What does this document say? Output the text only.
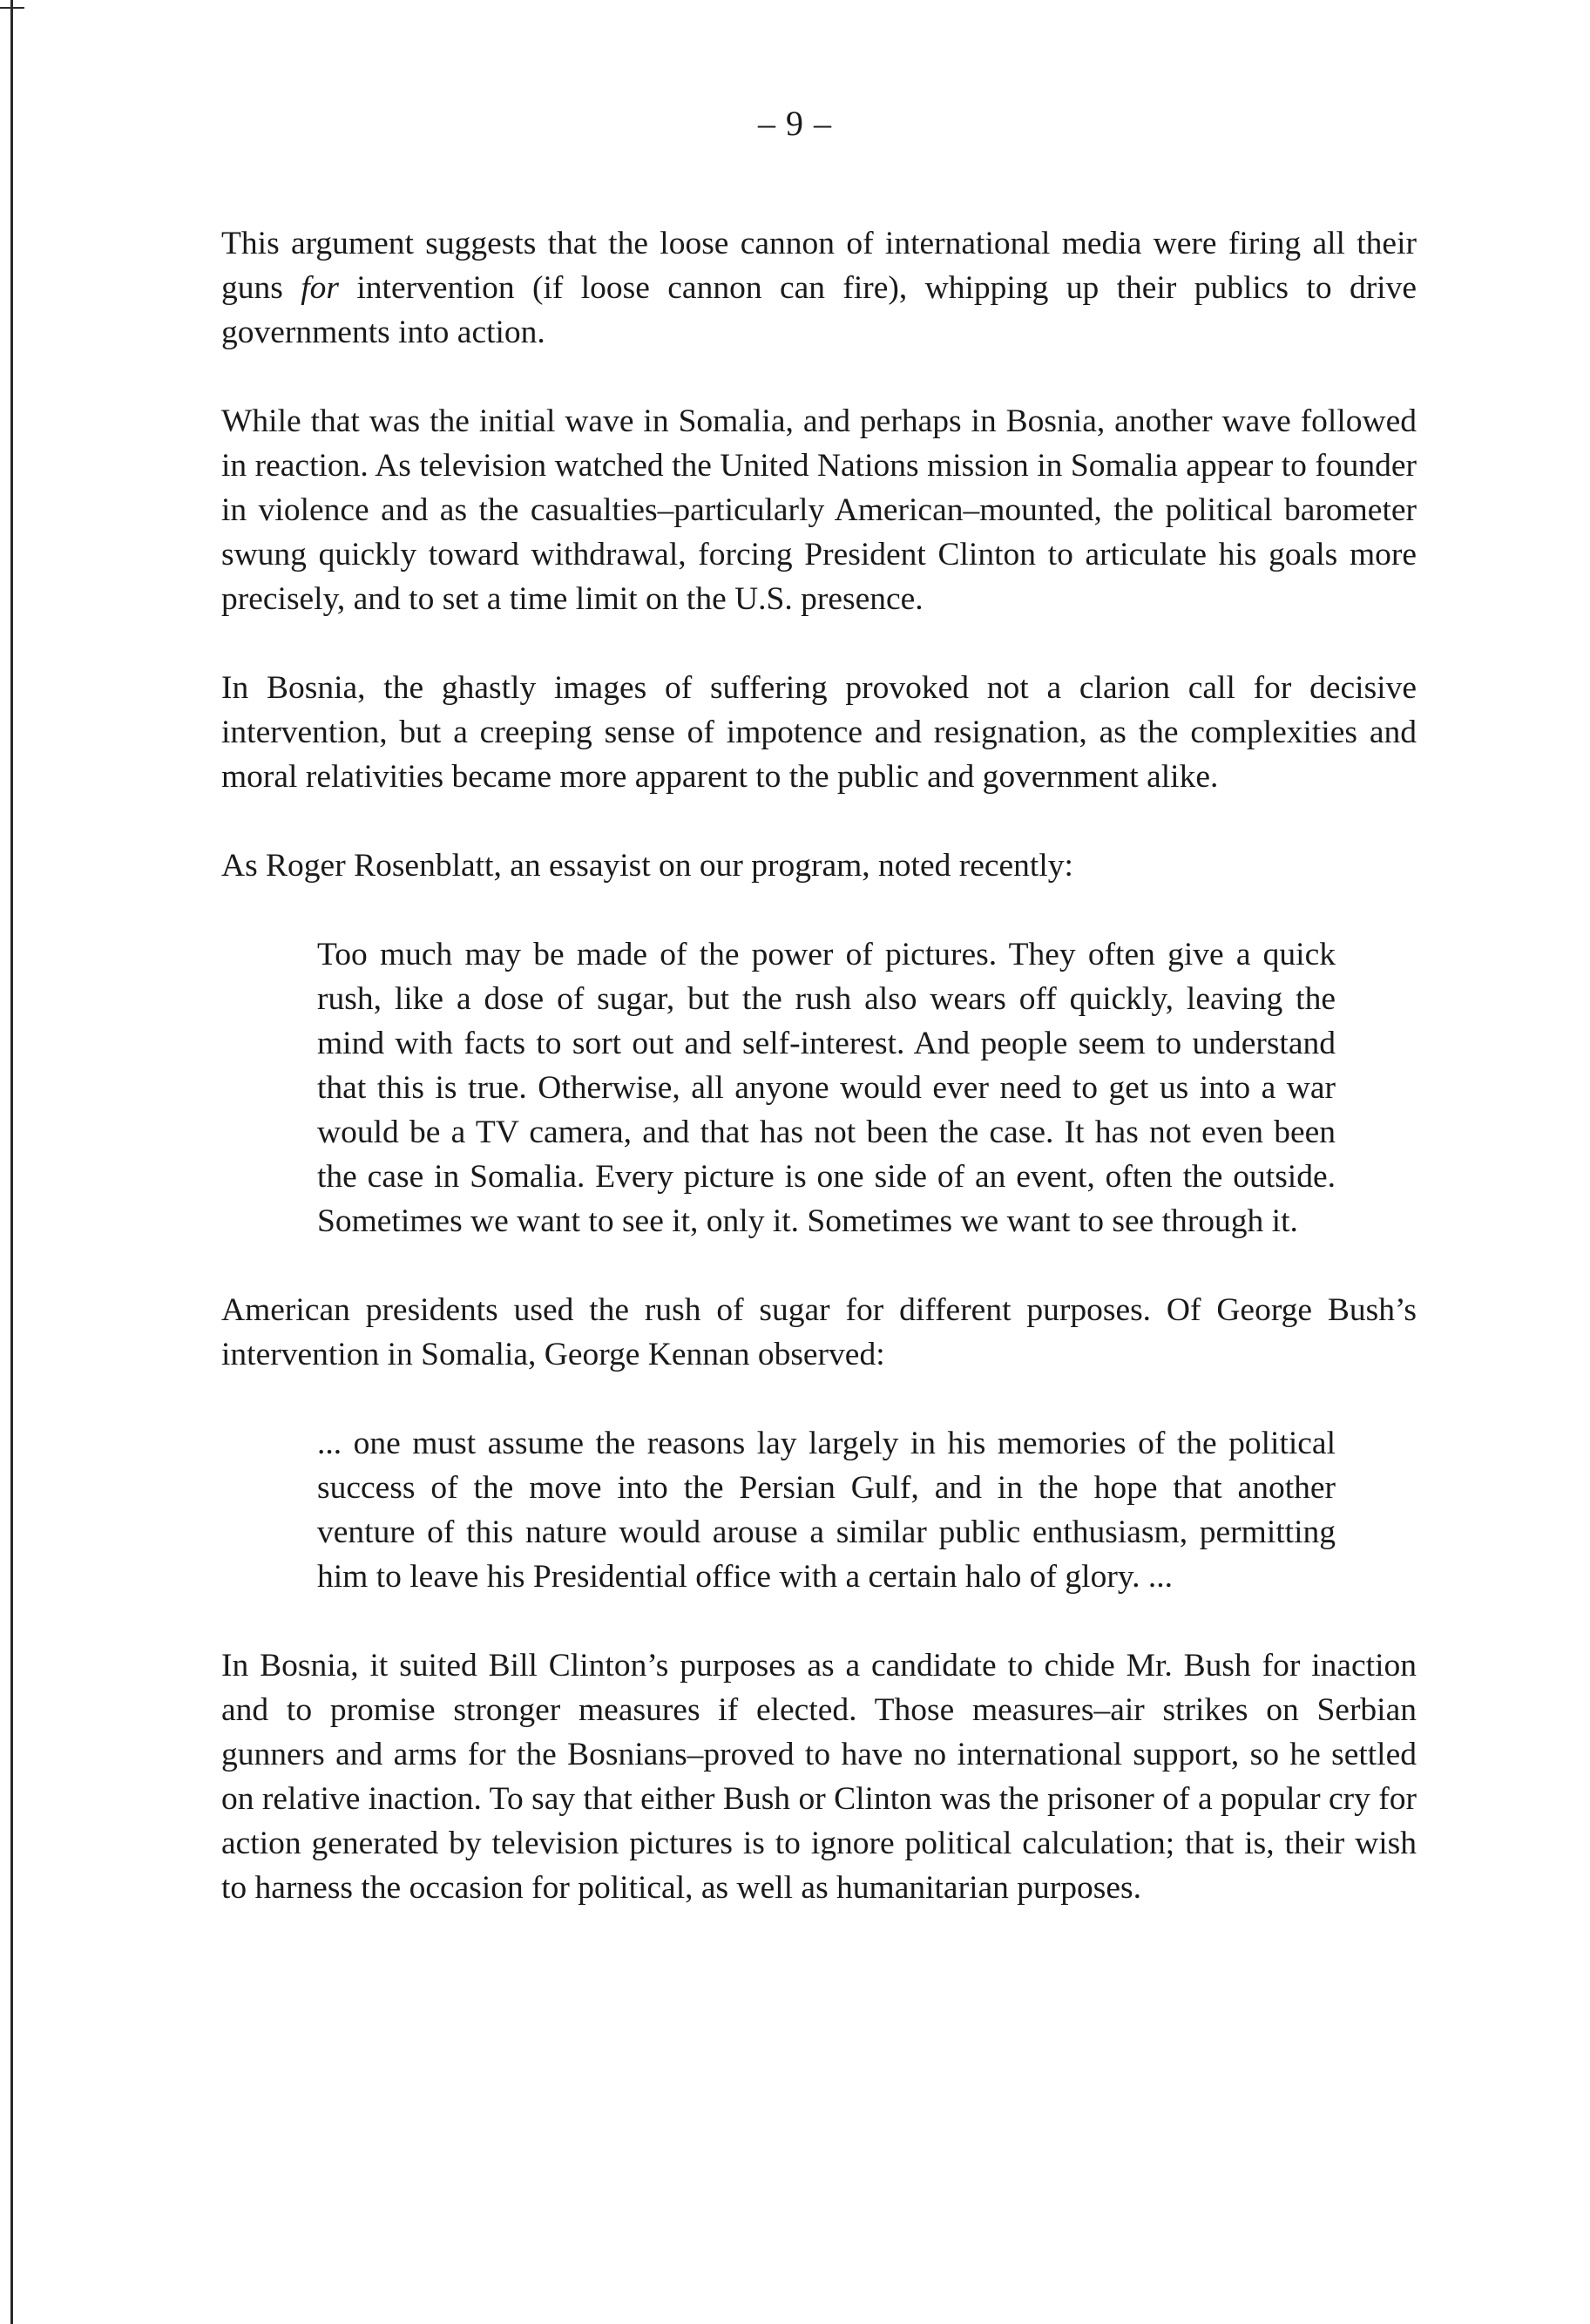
– 9 –

This argument suggests that the loose cannon of international media were firing all their guns for intervention (if loose cannon can fire), whipping up their publics to drive governments into action.

While that was the initial wave in Somalia, and perhaps in Bosnia, another wave followed in reaction. As television watched the United Nations mission in Somalia appear to founder in violence and as the casualties–particularly American–mounted, the political barometer swung quickly toward withdrawal, forcing President Clinton to articulate his goals more precisely, and to set a time limit on the U.S. presence.

In Bosnia, the ghastly images of suffering provoked not a clarion call for decisive intervention, but a creeping sense of impotence and resignation, as the complexities and moral relativities became more apparent to the public and government alike.

As Roger Rosenblatt, an essayist on our program, noted recently:

Too much may be made of the power of pictures. They often give a quick rush, like a dose of sugar, but the rush also wears off quickly, leaving the mind with facts to sort out and self-interest. And people seem to understand that this is true. Otherwise, all anyone would ever need to get us into a war would be a TV camera, and that has not been the case. It has not even been the case in Somalia. Every picture is one side of an event, often the outside. Sometimes we want to see it, only it. Sometimes we want to see through it.

American presidents used the rush of sugar for different purposes. Of George Bush’s intervention in Somalia, George Kennan observed:

... one must assume the reasons lay largely in his memories of the political success of the move into the Persian Gulf, and in the hope that another venture of this nature would arouse a similar public enthusiasm, permitting him to leave his Presidential office with a certain halo of glory. ...

In Bosnia, it suited Bill Clinton’s purposes as a candidate to chide Mr. Bush for inaction and to promise stronger measures if elected. Those measures–air strikes on Serbian gunners and arms for the Bosnians–proved to have no international support, so he settled on relative inaction. To say that either Bush or Clinton was the prisoner of a popular cry for action generated by television pictures is to ignore political calculation; that is, their wish to harness the occasion for political, as well as humanitarian purposes.
